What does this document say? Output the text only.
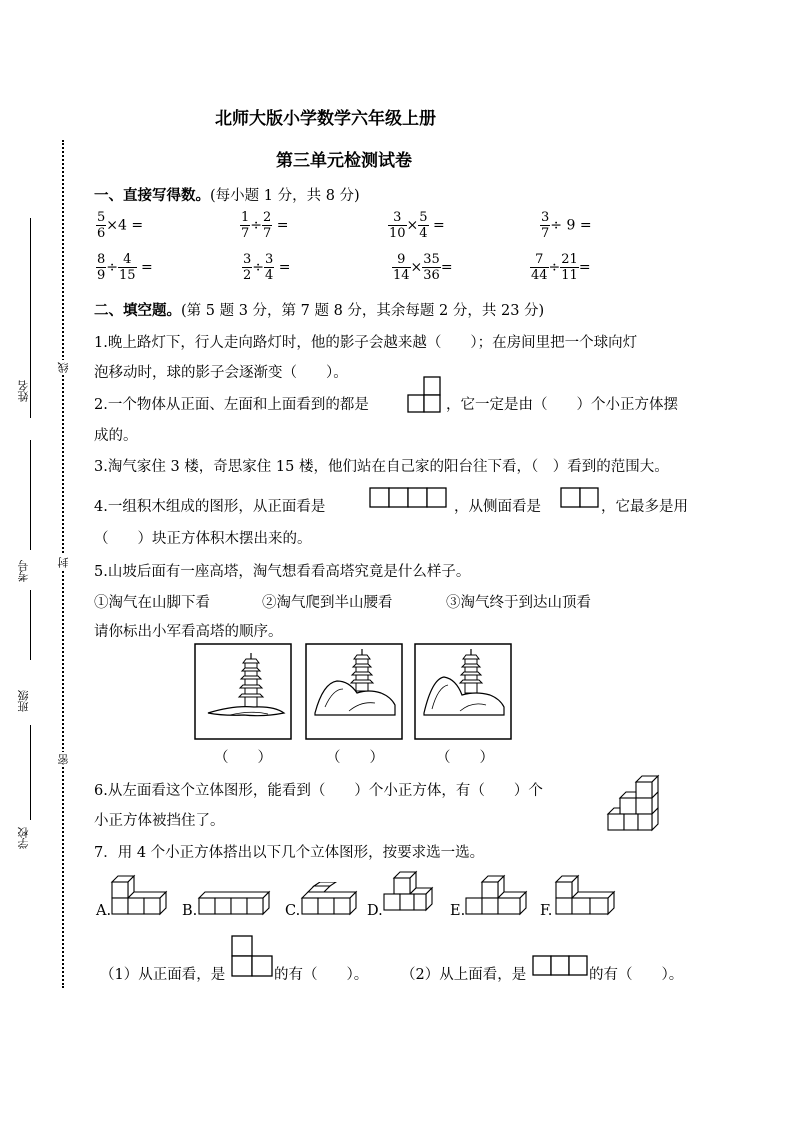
北师大版小学数学六年级上册
第三单元检测试卷
姓名
考号
班级
学校
线
封
密
一、直接写得数。(每小题 1 分，共 8 分)
$\frac{5}{6} \times 4$ =	$\frac{1}{7} \div \frac{2}{7}$ =	$\frac{3}{10} \times \frac{5}{4}$ =	$\frac{3}{7} \div 9$ =
$\frac{8}{9} \div \frac{4}{15}$ =	$\frac{3}{2} \div \frac{3}{4}$ =	$\frac{9}{14} \times \frac{35}{36}$ =	$\frac{7}{44} \div \frac{21}{11}$ =
二、填空题。(第 5 题 3 分，第 7 题 8 分，其余每题 2 分，共 23 分)
1.晚上路灯下，行人走向路灯时，他的影子会越来越（　　）；在房间里把一个球向灯
泡移动时，球的影子会逐渐变（　　）。
2.一个物体从正面、左面和上面看到的都是	，它一定是由（　　）个小正方体摆
成的。
3.淘气家住 3 楼，奇思家住 15 楼，他们站在自己家的阳台往下看，（　）看到的范围大。
4.一组积木组成的图形，从正面看是	，从侧面看是	，它最多是用
（　　）块正方体积木摆出来的。
5.山坡后面有一座高塔，淘气想看看高塔究竟是什么样子。
①淘气在山脚下看	②淘气爬到半山腰看	③淘气终于到达山顶看
请你标出小军看高塔的顺序。
（　　）	（　　）	（　　）
6.从左面看这个立体图形，能看到（　　）个小正方体，有（　　）个
小正方体被挡住了。
7．用 4 个小正方体搭出以下几个立体图形，按要求选一选。
A.	B.	C.	D.	E.	F.
（1）从正面看，是	的有（　　）。 （2）从上面看，是	的有（　　）。
